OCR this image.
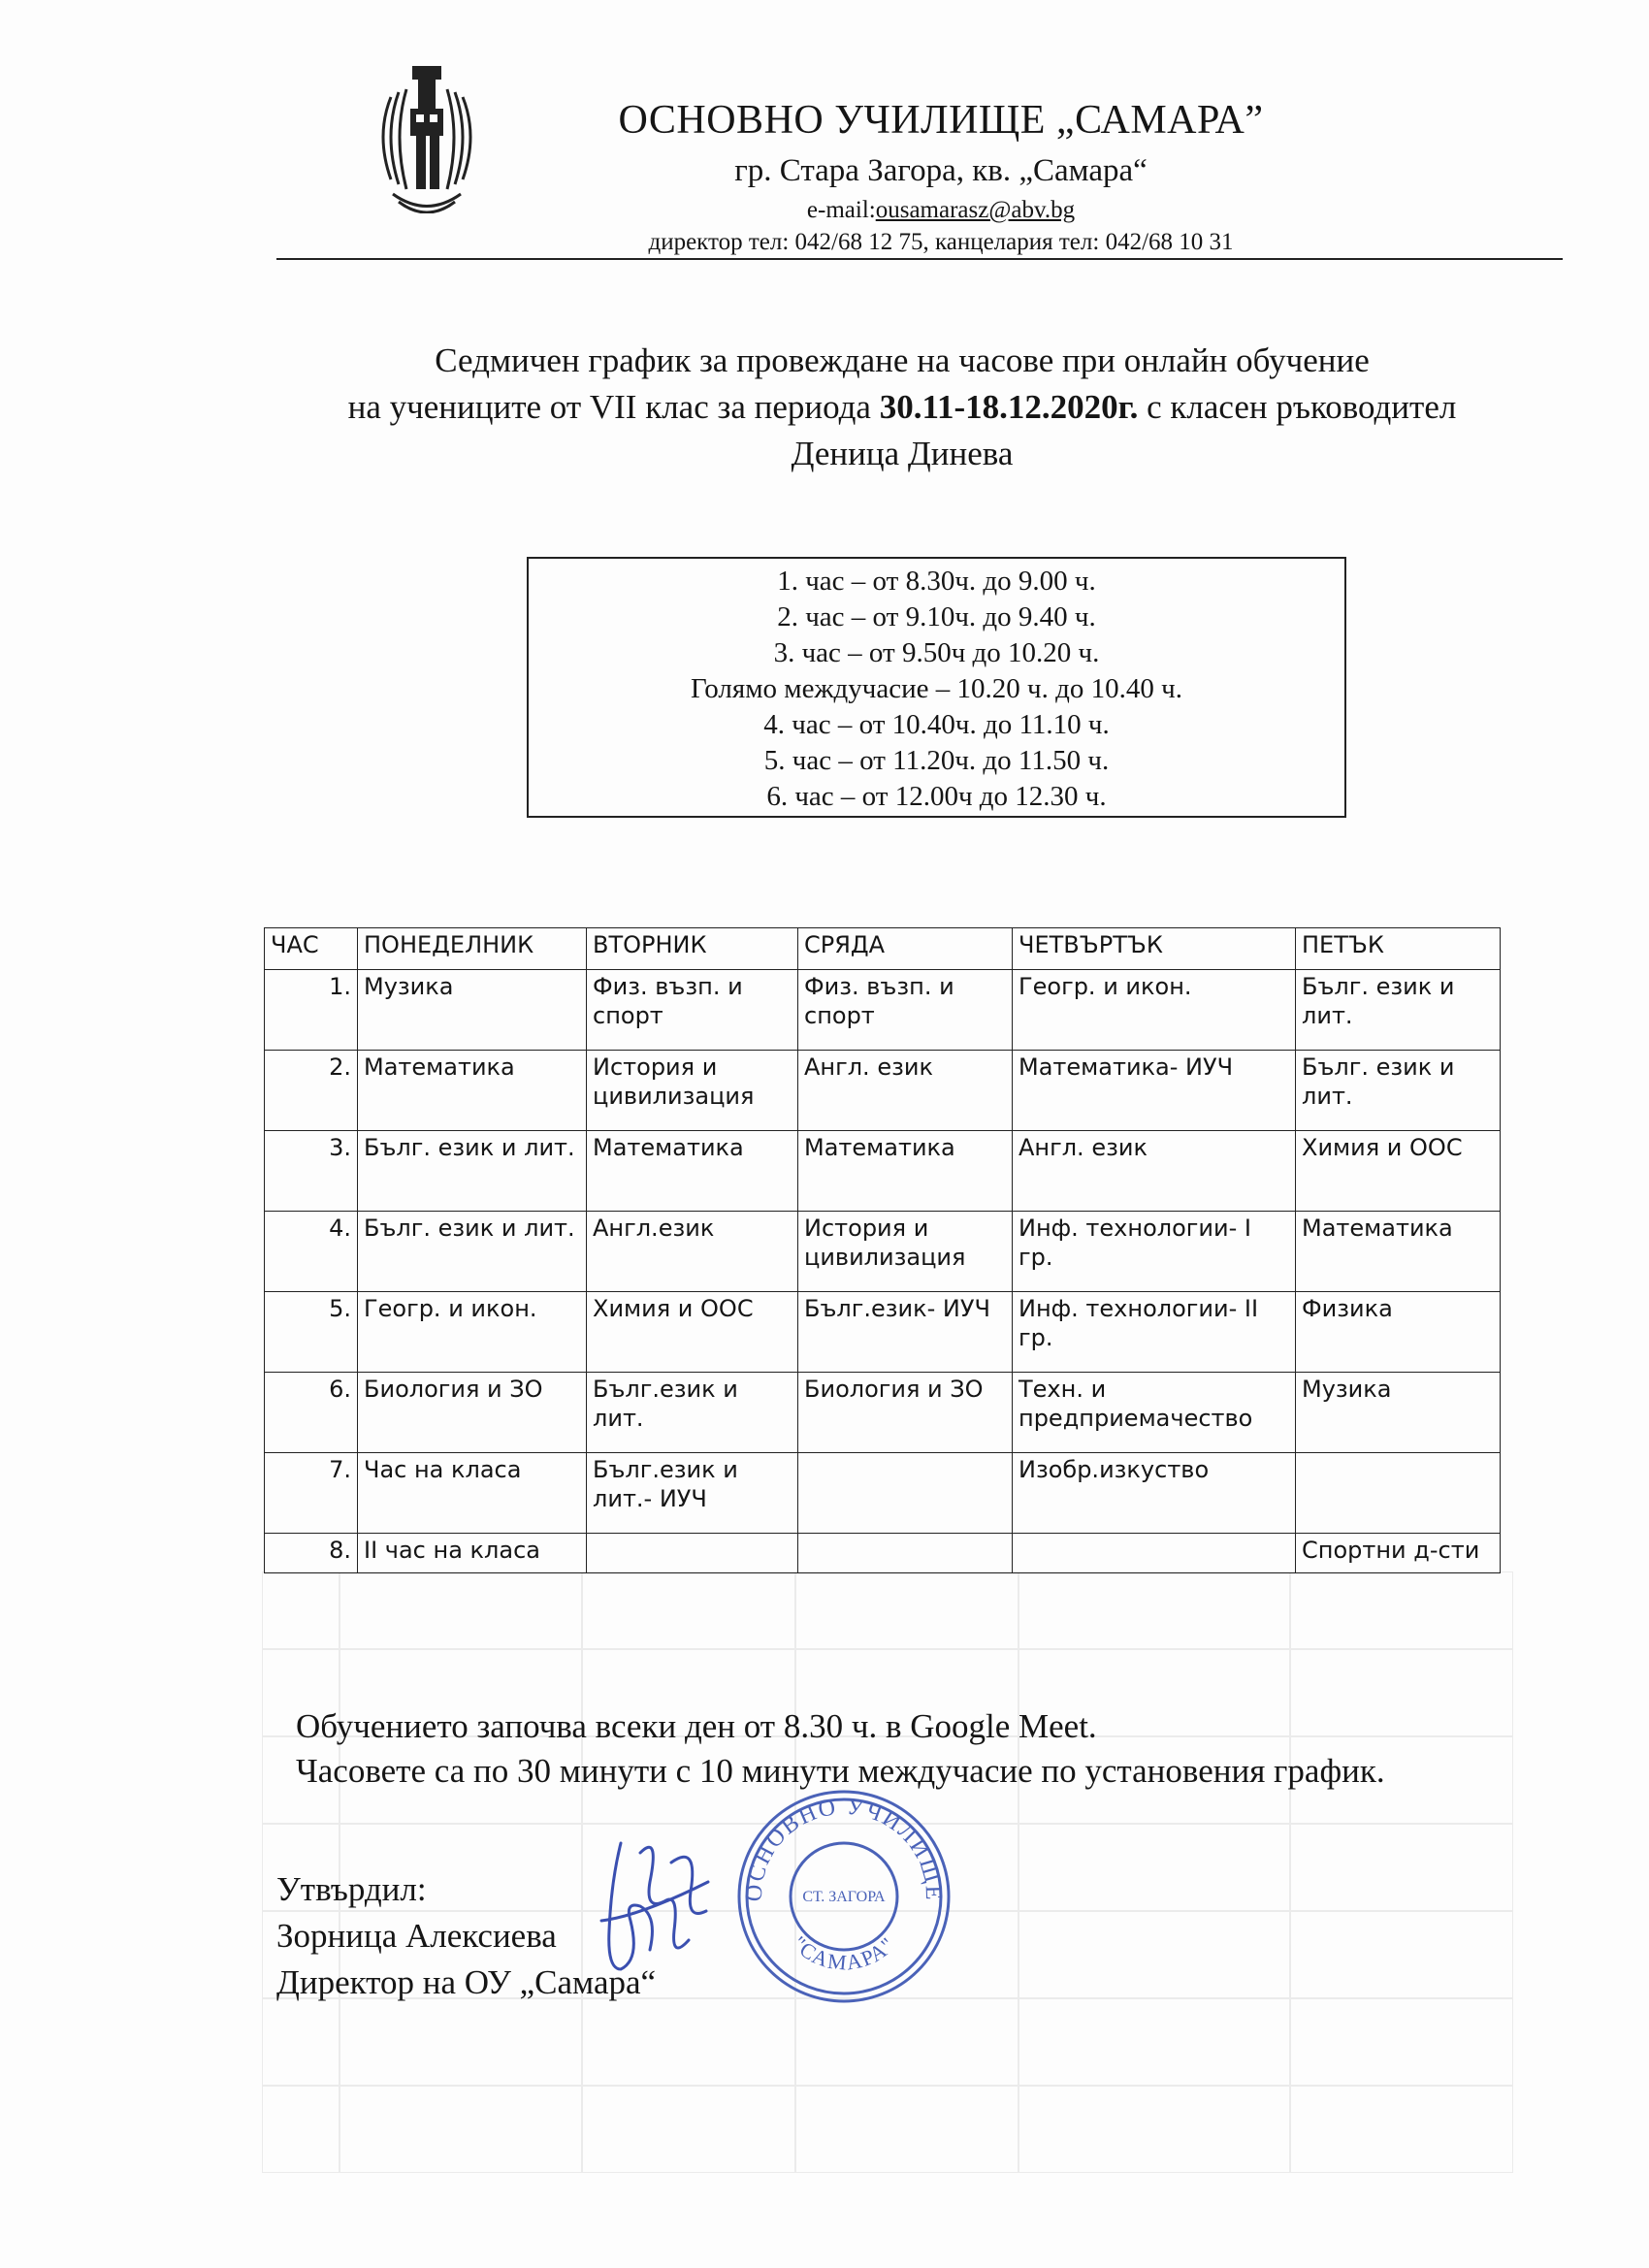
ОСНОВНО УЧИЛИЩЕ „САМАРА”
гр. Стара Загора, кв. „Самара“
e-mail:ousamarasz@abv.bg
директор тел: 042/68 12 75, канцелария тел: 042/68 10 31
Седмичен график за провеждане на часове при онлайн обучение
на учениците от VII клас за периода 30.11-18.12.2020г. с класен ръководител
Деница Динева
1. час – от 8.30ч. до 9.00 ч.
2. час – от 9.10ч. до 9.40 ч.
3. час – от 9.50ч до 10.20 ч.
Голямо междучасие – 10.20 ч. до 10.40 ч.
4. час – от 10.40ч. до 11.10 ч.
5. час – от 11.20ч. до 11.50 ч.
6. час – от 12.00ч до 12.30 ч.
ЧАС	ПОНЕДЕЛНИК	ВТОРНИК	СРЯДА	ЧЕТВЪРТЪК	ПЕТЪК
1.	Музика	Физ. възп. и спорт	Физ. възп. и спорт	Геогр. и икон.	Бълг. език и лит.
2.	Математика	История и цивилизация	Англ. език	Математика- ИУЧ	Бълг. език и лит.
3.	Бълг. език и лит.	Математика	Математика	Англ. език	Химия и ООС
4.	Бълг. език и лит.	Англ.език	История и цивилизация	Инф. технологии- I гр.	Математика
5.	Геогр. и икон.	Химия и ООС	Бълг.език- ИУЧ	Инф. технологии- II гр.	Физика
6.	Биология и ЗО	Бълг.език и лит.	Биология и ЗО	Техн. и предприемачество	Музика
7.	Час на класа	Бълг.език и лит.- ИУЧ		Изобр.изкуство	
8.	II час на класа				Спортни д-сти
Обучението започва всеки ден от 8.30 ч. в Google Meet.
Часовете са по 30 минути с 10 минути междучасие по установения график.
Утвърдил:
Зорница Алексиева
Директор на ОУ „Самара“
ОСНОВНО УЧИЛИЩЕ
"САМАРА"
СТ. ЗАГОРА
